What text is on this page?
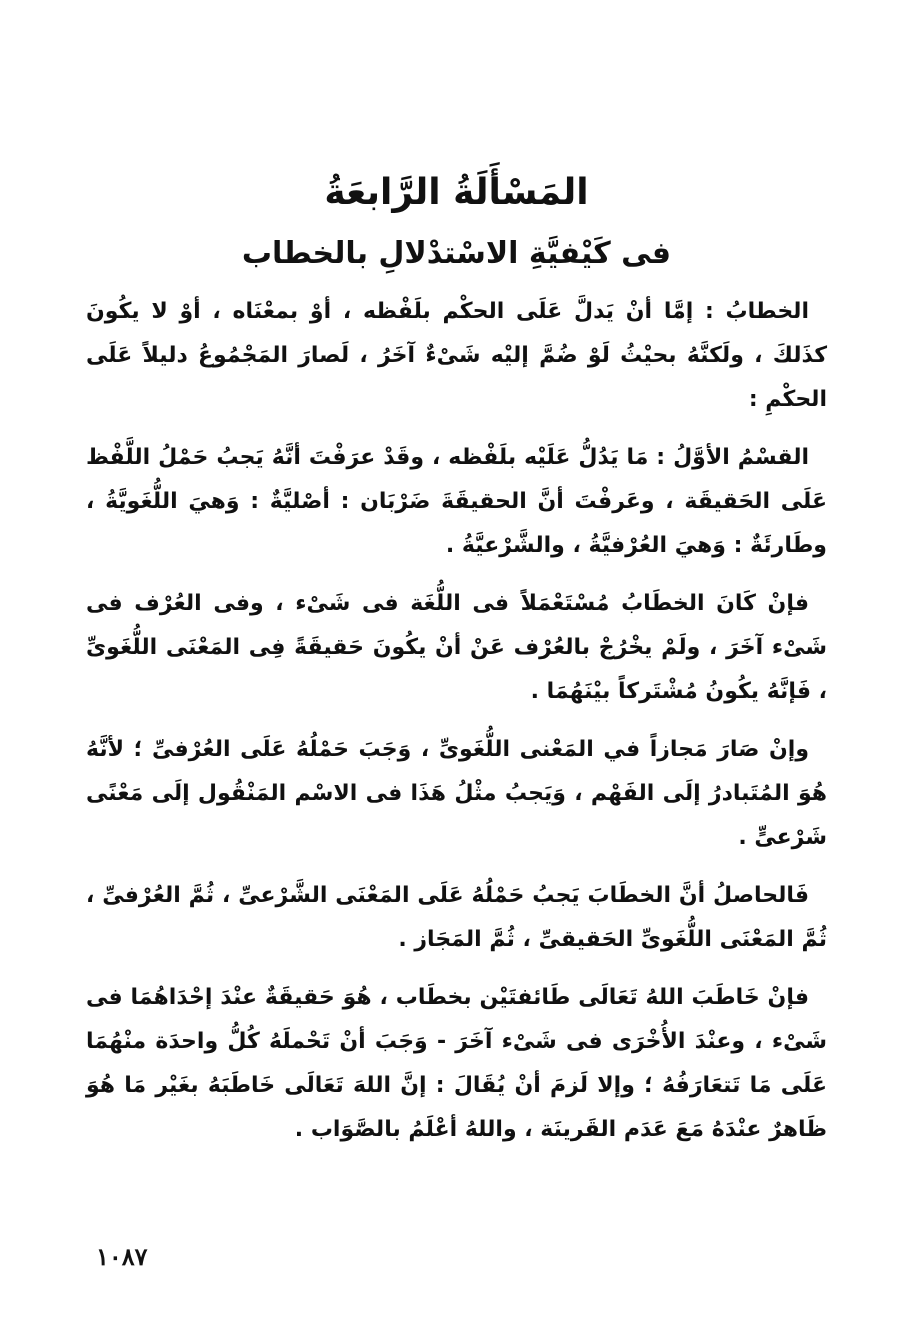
المَسْأَلَةُ الرَّابعَةُ
فى كَيْفيَّةِ الاسْتدْلالِ بالخطاب

الخطابُ : إمَّا أنْ يَدلَّ عَلَى الحكْم بلَفْظه ، أوْ بمعْنَاه ، أوْ لا يكُونَ كذَلكَ ، ولَكنَّهُ بحيْثُ لَوْ ضُمَّ إليْه شَىْءٌ آخَرُ ، لَصارَ المَجْمُوعُ دليلاً عَلَى الحكْمِ :

القسْمُ الأوَّلُ : مَا يَدُلُّ عَلَيْه بلَفْظه ، وقَدْ عرَفْتَ أنَّهُ يَجبُ حَمْلُ اللَّفْظ عَلَى الحَقيقَة ، وعَرفْتَ أنَّ الحقيقَةَ ضَرْبَان : أصْليَّةٌ : وَهيَ اللُّغَويَّةُ ، وطَارئَةٌ : وَهيَ العُرْفيَّةُ ، والشَّرْعيَّةُ .

فإنْ كَانَ الخطَابُ مُسْتَعْمَلاً فى اللُّغَة فى شَىْء ، وفى العُرْف فى شَىْء آخَرَ ، ولَمْ يخْرُجْ بالعُرْف عَنْ أنْ يكُونَ حَقيقَةً فِى المَعْنَى اللُّغَوىِّ ، فَإنَّهُ يكُونُ مُشْتَركاً بيْنَهُمَا .

وإنْ صَارَ مَجازاً في المَعْنى اللُّغَوىِّ ، وَجَبَ حَمْلُهُ عَلَى العُرْفىِّ ؛ لأنَّهُ هُوَ المُتَبادرُ إلَى الفَهْم ، وَيَجبُ مثْلُ هَذَا فى الاسْم المَنْقُول إلَى مَعْنًى شَرْعىٍّ .

فَالحاصلُ أنَّ الخطَابَ يَجبُ حَمْلُهُ عَلَى المَعْنَى الشَّرْعىِّ ، ثُمَّ العُرْفىِّ ، ثُمَّ المَعْنَى اللُّغَوىِّ الحَقيقىِّ ، ثُمَّ المَجَاز .

فإنْ خَاطَبَ اللهُ تَعَالَى طَائفتَيْن بخطَاب ، هُوَ حَقيقَةٌ عنْدَ إحْدَاهُمَا فى شَىْء ، وعنْدَ الأُخْرَى فى شَىْء آخَرَ - وَجَبَ أنْ تَحْملَهُ كُلُّ واحدَة منْهُمَا عَلَى مَا تَتعَارَفُهُ ؛ وإلا لَزمَ أنْ يُقَالَ : إنَّ اللهَ تَعَالَى خَاطَبَهُ بغَيْر مَا هُوَ ظَاهرٌ عنْدَهُ مَعَ عَدَم القَرينَة ، واللهُ أعْلَمُ بالصَّوَاب .

١٠٨٧
